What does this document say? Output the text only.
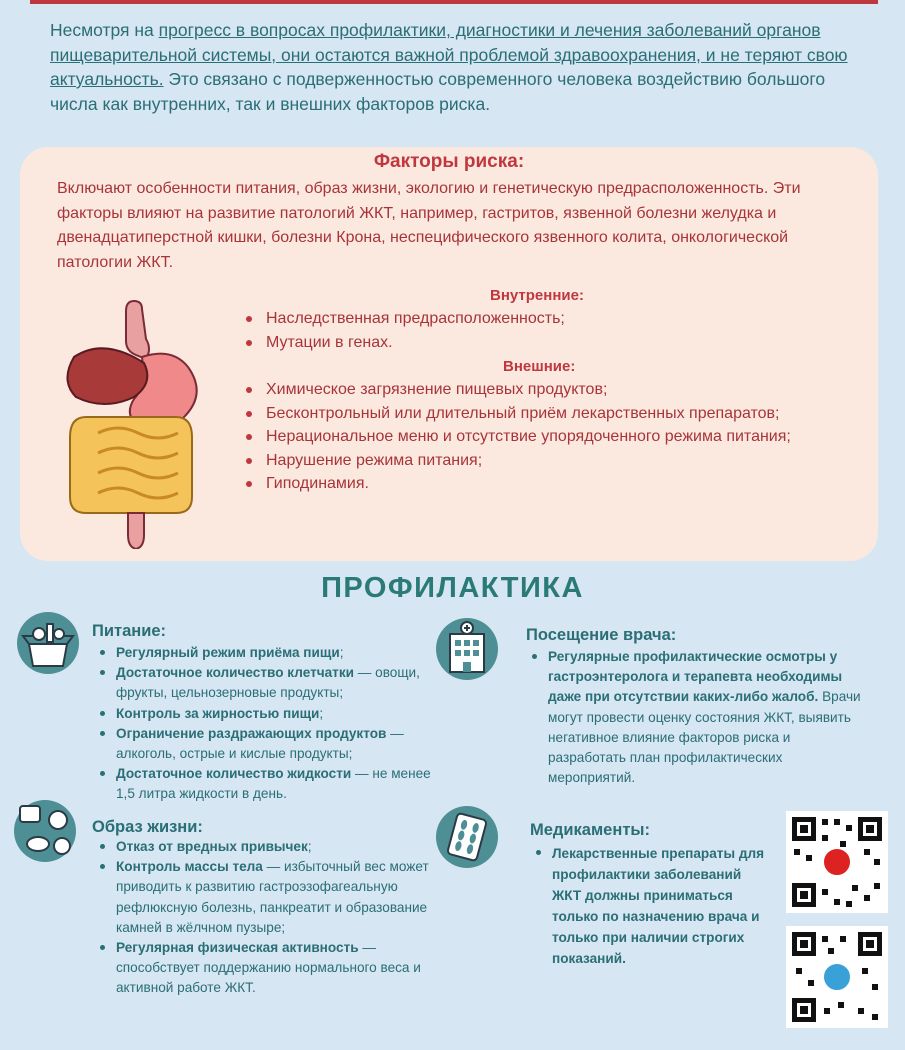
Несмотря на прогресс в вопросах профилактики, диагностики и лечения заболеваний органов пищеварительной системы, они остаются важной проблемой здравоохранения, и не теряют свою актуальность. Это связано с подверженностью современного человека воздействию большого числа как внутренних, так и внешних факторов риска.
Факторы риска:
Включают особенности питания, образ жизни, экологию и генетическую предрасположенность. Эти факторы влияют на развитие патологий ЖКТ, например, гастритов, язвенной болезни желудка и двенадцатиперстной кишки, болезни Крона, неспецифического язвенного колита, онкологической патологии ЖКТ.
Внутренние:
Наследственная предрасположенность;
Мутации в генах.
Внешние:
Химическое загрязнение пищевых продуктов;
Бесконтрольный или длительный приём лекарственных препаратов;
Нерациональное меню и отсутствие упорядоченного режима питания;
Нарушение режима питания;
Гиподинамия.
ПРОФИЛАКТИКА
Питание:
Регулярный режим приёма пищи;
Достаточное количество клетчатки — овощи, фрукты, цельнозерновые продукты;
Контроль за жирностью пищи;
Ограничение раздражающих продуктов — алкоголь, острые и кислые продукты;
Достаточное количество жидкости — не менее 1,5 литра жидкости в день.
Образ жизни:
Отказ от вредных привычек;
Контроль массы тела — избыточный вес может приводить к развитию гастроэзофагеальную рефлюксную болезнь, панкреатит и образование камней в жёлчном пузыре;
Регулярная физическая активность — способствует поддержанию нормального веса и активной работе ЖКТ.
Посещение врача:
Регулярные профилактические осмотры у гастроэнтеролога и терапевта необходимы даже при отсутствии каких-либо жалоб. Врачи могут провести оценку состояния ЖКТ, выявить негативное влияние факторов риска и разработать план профилактических мероприятий.
Медикаменты:
Лекарственные препараты для профилактики заболеваний ЖКТ должны приниматься только по назначению врача и только при наличии строгих показаний.
